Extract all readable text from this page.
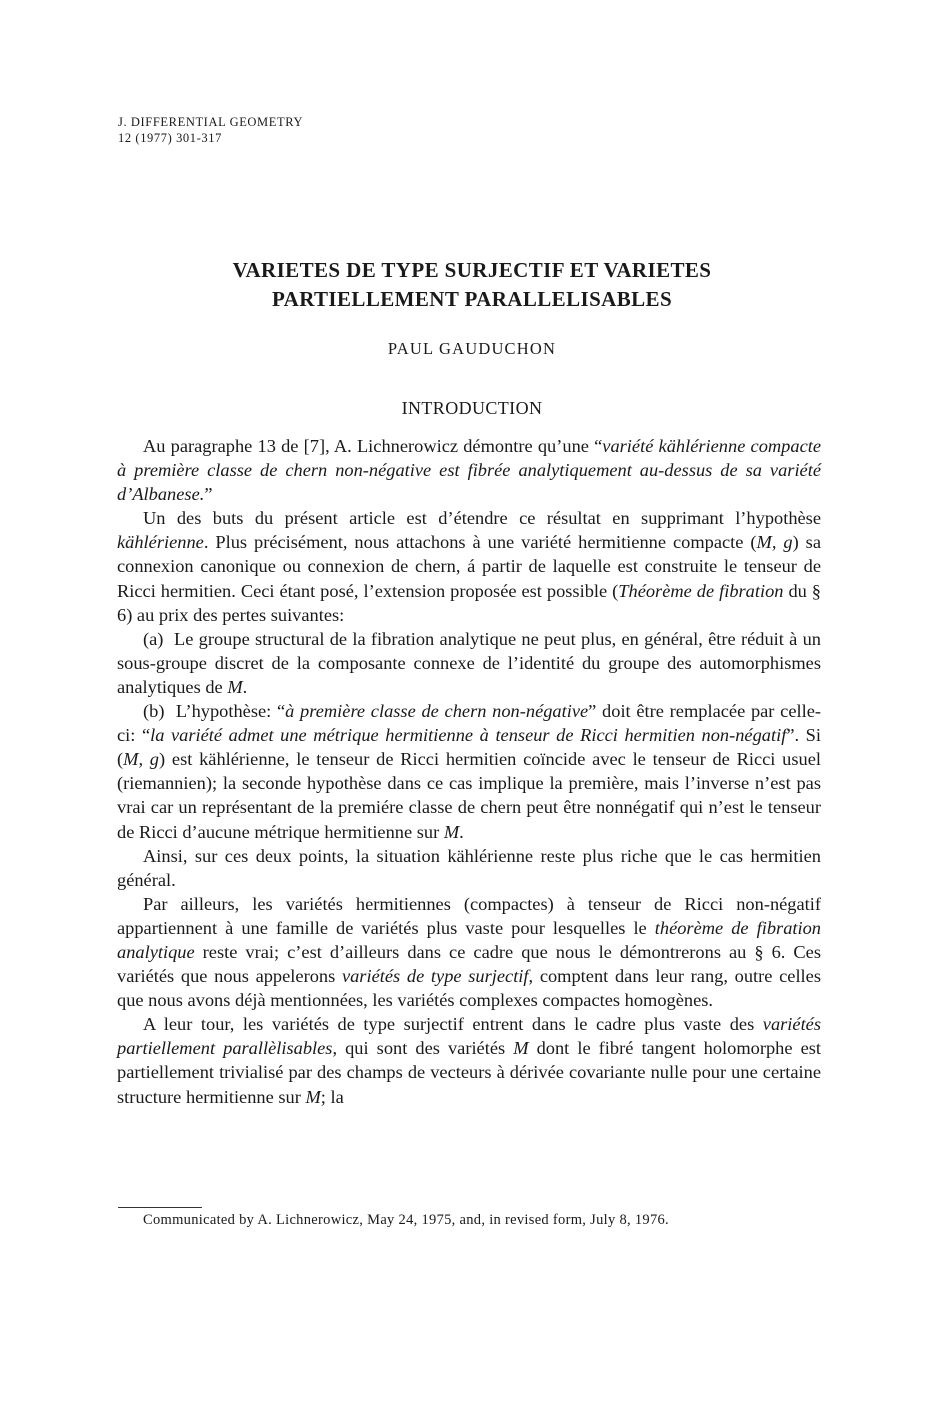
J. DIFFERENTIAL GEOMETRY
12 (1977) 301-317
VARIETES DE TYPE SURJECTIF ET VARIETES
PARTIELLEMENT PARALLELISABLES
PAUL GAUDUCHON
INTRODUCTION

Au paragraphe 13 de [7], A. Lichnerowicz démontre qu’une “variété kählérienne compacte à première classe de chern non-négative est fibrée analytiquement au-dessus de sa variété d’Albanese.”

Un des buts du présent article est d’étendre ce résultat en supprimant l’hypothèse kählérienne. Plus précisément, nous attachons à une variété hermitienne compacte (M, g) sa connexion canonique ou connexion de chern, á partir de laquelle est construite le tenseur de Ricci hermitien. Ceci étant posé, l’extension proposée est possible (Théorème de fibration du § 6) au prix des pertes suivantes:

(a) Le groupe structural de la fibration analytique ne peut plus, en général, être réduit à un sous-groupe discret de la composante connexe de l’identité du groupe des automorphismes analytiques de M.

(b) L’hypothèse: “à première classe de chern non-négative” doit être remplacée par celle-ci: “la variété admet une métrique hermitienne à tenseur de Ricci hermitien non-négatif”. Si (M, g) est kählérienne, le tenseur de Ricci hermitien coïncide avec le tenseur de Ricci usuel (riemannien); la seconde hypothèse dans ce cas implique la première, mais l’inverse n’est pas vrai car un représentant de la premiére classe de chern peut être nonnégatif qui n’est le tenseur de Ricci d’aucune métrique hermitienne sur M.

Ainsi, sur ces deux points, la situation kählérienne reste plus riche que le cas hermitien général.

Par ailleurs, les variétés hermitiennes (compactes) à tenseur de Ricci non-négatif appartiennent à une famille de variétés plus vaste pour lesquelles le théorème de fibration analytique reste vrai; c’est d’ailleurs dans ce cadre que nous le démontrerons au § 6. Ces variétés que nous appelerons variétés de type surjectif, comptent dans leur rang, outre celles que nous avons déjà mentionnées, les variétés complexes compactes homogènes.

A leur tour, les variétés de type surjectif entrent dans le cadre plus vaste des variétés partiellement parallèlisables, qui sont des variétés M dont le fibré tangent holomorphe est partiellement trivialisé par des champs de vecteurs à dérivée covariante nulle pour une certaine structure hermitienne sur M; la

Communicated by A. Lichnerowicz, May 24, 1975, and, in revised form, July 8, 1976.
